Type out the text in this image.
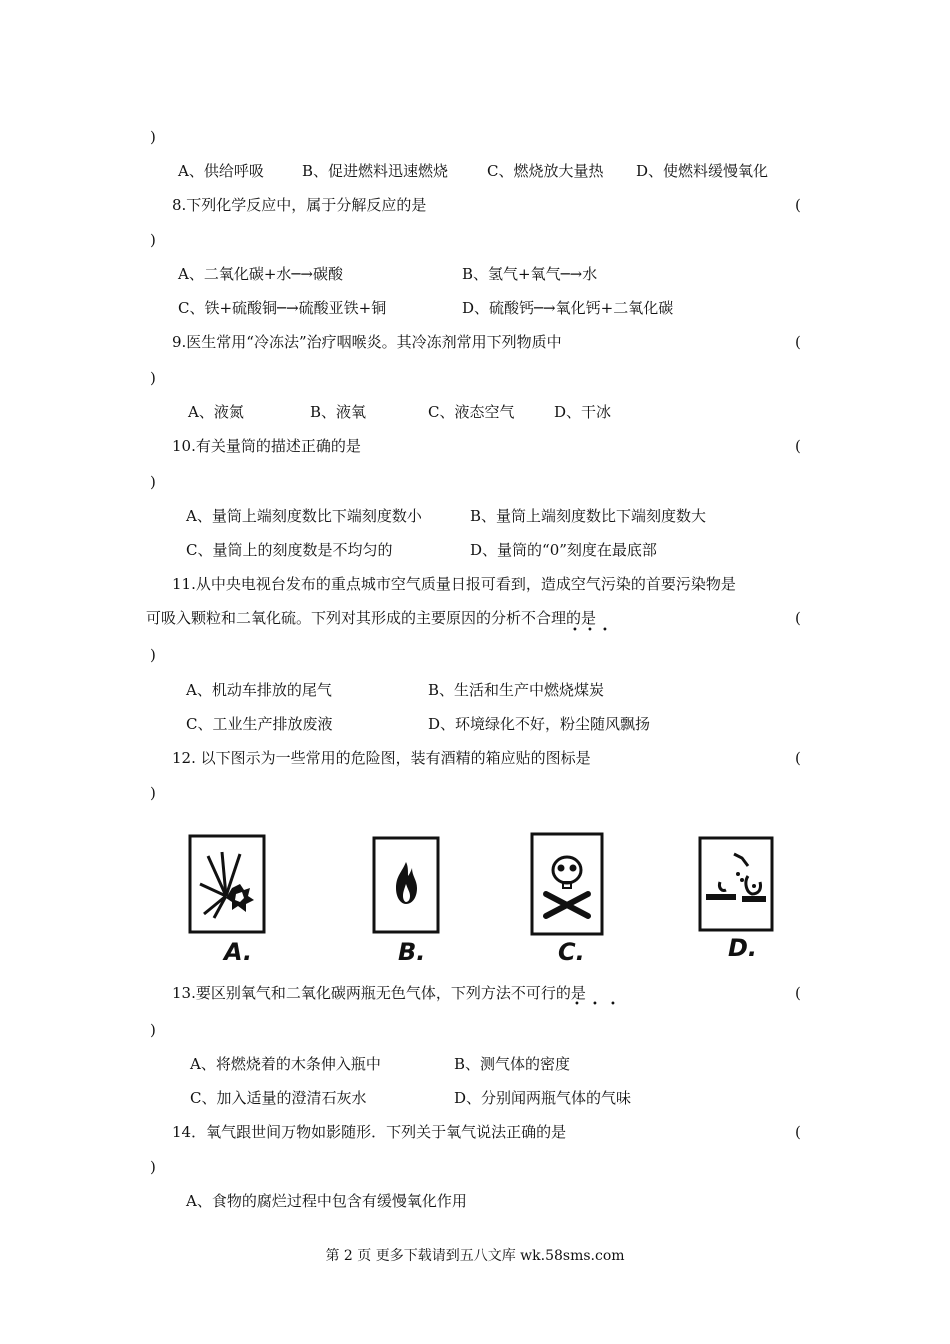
)
A、供给呼吸	B、促进燃料迅速燃烧	C、燃烧放大量热 D、使燃料缓慢氧化
8.下列化学反应中，属于分解反应的是	(
)
A、二氧化碳+水─→碳酸	B、氢气+氧气─→水
C、铁+硫酸铜─→硫酸亚铁+铜	D、硫酸钙─→氧化钙+二氧化碳
9.医生常用“冷冻法”治疗咽喉炎。其冷冻剂常用下列物质中	(
)
A、液氮	B、液氧	C、液态空气	D、干冰
10.有关量筒的描述正确的是	(
)
A、量筒上端刻度数比下端刻度数小	B、量筒上端刻度数比下端刻度数大
C、量筒上的刻度数是不均匀的	D、量筒的“0”刻度在最底部
11.从中央电视台发布的重点城市空气质量日报可看到，造成空气污染的首要污染物是
可吸入颗粒和二氧化硫。下列对其形成的主要原因的分析不合理的是
• • •
(
)
A、机动车排放的尾气	B、生活和生产中燃烧煤炭
C、工业生产排放废液	D、环境绿化不好，粉尘随风飘扬
12. 以下图示为一些常用的危险图，装有酒精的箱应贴的图标是	(
)
A.	B.	C.	D.
13.要区别氧气和二氧化碳两瓶无色气体，下列方法不可行的是
• • •
(
)
A、将燃烧着的木条伸入瓶中	B、测气体的密度
C、加入适量的澄清石灰水	D、分别闻两瓶气体的气味
14．氧气跟世间万物如影随形．下列关于氧气说法正确的是	(
)
A、食物的腐烂过程中包含有缓慢氧化作用
第 2 页 更多下载请到五八文库 wk.58sms.com
